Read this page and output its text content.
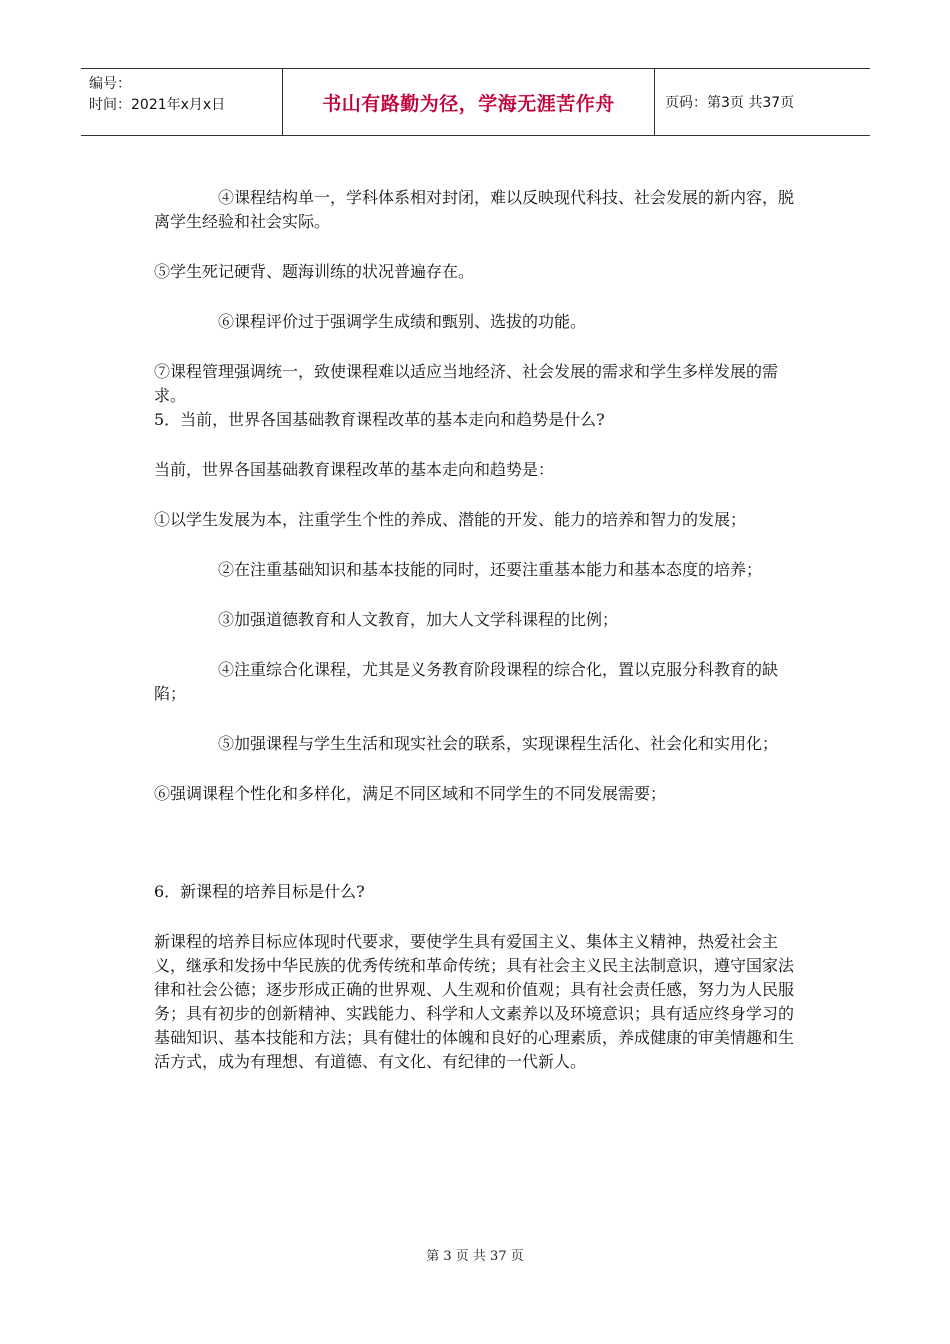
编号：
时间：2021年x月x日	书山有路勤为径，学海无涯苦作舟	页码：第3页 共37页

④课程结构单一，学科体系相对封闭，难以反映现代科技、社会发展的新内容，脱离学生经验和社会实际。

⑤学生死记硬背、题海训练的状况普遍存在。

⑥课程评价过于强调学生成绩和甄别、选拔的功能。

⑦课程管理强调统一，致使课程难以适应当地经济、社会发展的需求和学生多样发展的需求。

5．当前，世界各国基础教育课程改革的基本走向和趋势是什么?

当前，世界各国基础教育课程改革的基本走向和趋势是：

①以学生发展为本，注重学生个性的养成、潜能的开发、能力的培养和智力的发展；

②在注重基础知识和基本技能的同时，还要注重基本能力和基本态度的培养；

③加强道德教育和人文教育，加大人文学科课程的比例；

④注重综合化课程，尤其是义务教育阶段课程的综合化，置以克服分科教育的缺陷；

⑤加强课程与学生生活和现实社会的联系，实现课程生活化、社会化和实用化；

⑥强调课程个性化和多样化，满足不同区域和不同学生的不同发展需要；

6．新课程的培养目标是什么?

新课程的培养目标应体现时代要求，要使学生具有爱国主义、集体主义精神，热爱社会主义，继承和发扬中华民族的优秀传统和革命传统；具有社会主义民主法制意识，遵守国家法律和社会公德；逐步形成正确的世界观、人生观和价值观；具有社会责任感，努力为人民服务；具有初步的创新精神、实践能力、科学和人文素养以及环境意识；具有适应终身学习的基础知识、基本技能和方法；具有健壮的体魄和良好的心理素质，养成健康的审美情趣和生活方式，成为有理想、有道德、有文化、有纪律的一代新人。

第 3 页 共 37 页
